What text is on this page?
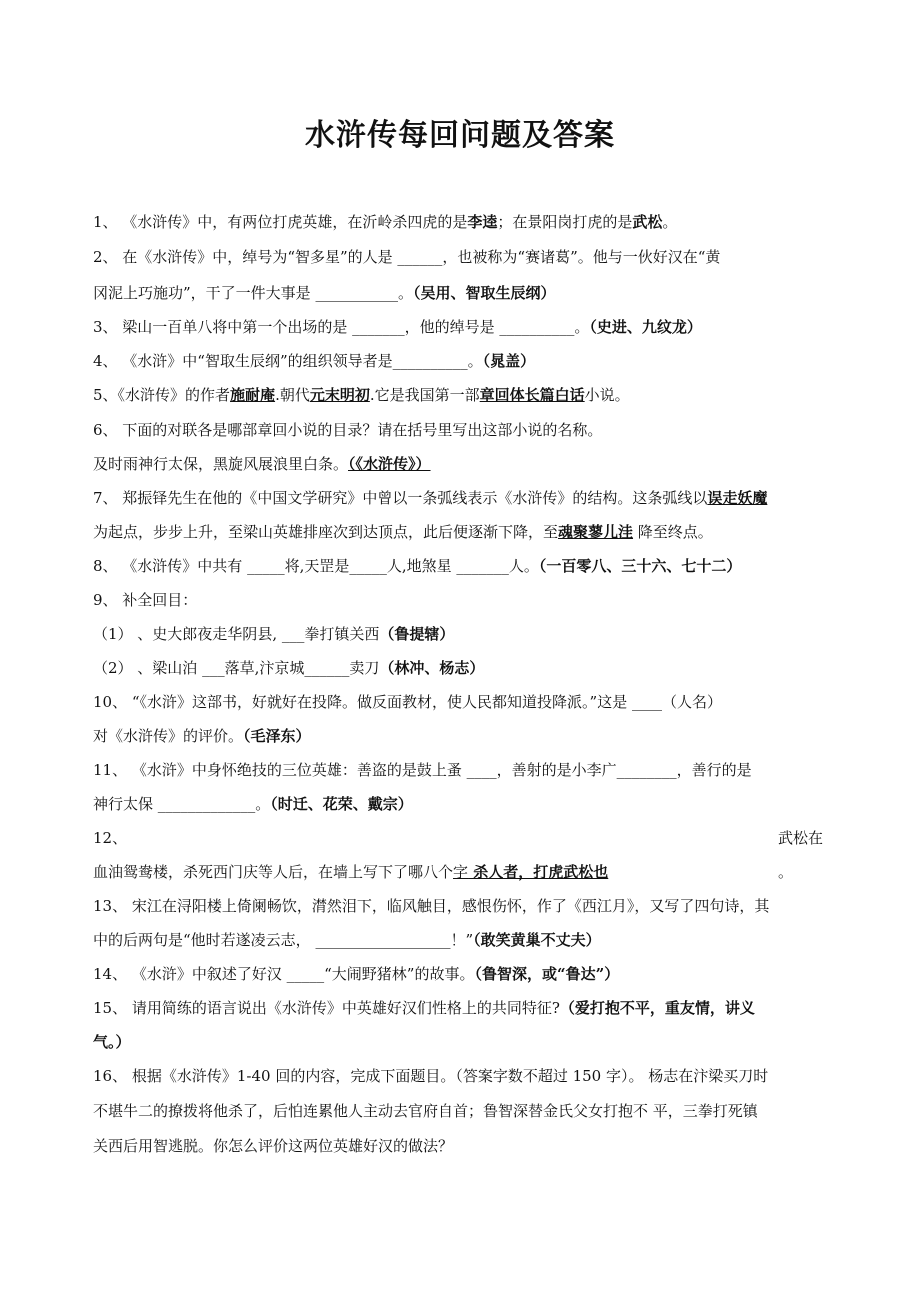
水浒传每回问题及答案
1、 《水浒传》中，有两位打虎英雄，在沂岭杀四虎的是李逵；在景阳岗打虎的是武松。
2、 在《水浒传》中，绰号为“智多星”的人是 ______，也被称为“赛诸葛”。他与一伙好汉在“黄
冈泥上巧施功”，干了一件大事是 ___________。（吴用、智取生辰纲）
3、 梁山一百单八将中第一个出场的是 _______，他的绰号是 __________。（史进、九纹龙）
4、 《水浒》中“智取生辰纲”的组织领导者是__________。（晁盖）
5、《水浒传》的作者施耐庵.朝代元末明初.它是我国第一部章回体长篇白话小说。
6、 下面的对联各是哪部章回小说的目录？请在括号里写出这部小说的名称。
及时雨神行太保，黑旋风展浪里白条。（《水浒传》）
7、 郑振铎先生在他的《中国文学研究》中曾以一条弧线表示《水浒传》的结构。这条弧线以误走妖魔
为起点，步步上升，至梁山英雄排座次到达顶点，此后便逐渐下降，至魂聚蓼儿洼 降至终点。
8、 《水浒传》中共有 _____将,天罡是_____人,地煞星 _______人。（一百零八、三十六、七十二）
9、 补全回目：
（1） 、史大郎夜走华阴县, ___拳打镇关西（鲁提辖）
（2） 、梁山泊 ___落草,汴京城______卖刀（林冲、杨志）
10、 “《水浒》这部书，好就好在投降。做反面教材，使人民都知道投降派。”这是 ____（人名）
对《水浒传》的评价。（毛泽东）
11、 《水浒》中身怀绝技的三位英雄：善盗的是鼓上蚤 ____，善射的是小李广________，善行的是
神行太保 _____________。（时迁、花荣、戴宗）
12、	武松在
血油鸳鸯楼，杀死西门庆等人后，在墙上写下了哪八个字 杀人者，打虎武松也	。
13、 宋江在浔阳楼上倚阑畅饮，潸然泪下，临风触目，感恨伤怀，作了《西江月》，又写了四句诗，其
中的后两句是“他时若遂凌云志， __________________！”（敢笑黄巢不丈夫）
14、 《水浒》中叙述了好汉 _____“大闹野猪林”的故事。（鲁智深，或“鲁达”）
15、 请用简练的语言说出《水浒传》中英雄好汉们性格上的共同特征?（爱打抱不平，重友情，讲义
气。）
16、 根据《水浒传》1-40 回的内容，完成下面题目。（答案字数不超过 150 字）。 杨志在汴梁买刀时
不堪牛二的撩拨将他杀了，后怕连累他人主动去官府自首；鲁智深替金氏父女打抱不 平，三拳打死镇
关西后用智逃脱。你怎么评价这两位英雄好汉的做法？
